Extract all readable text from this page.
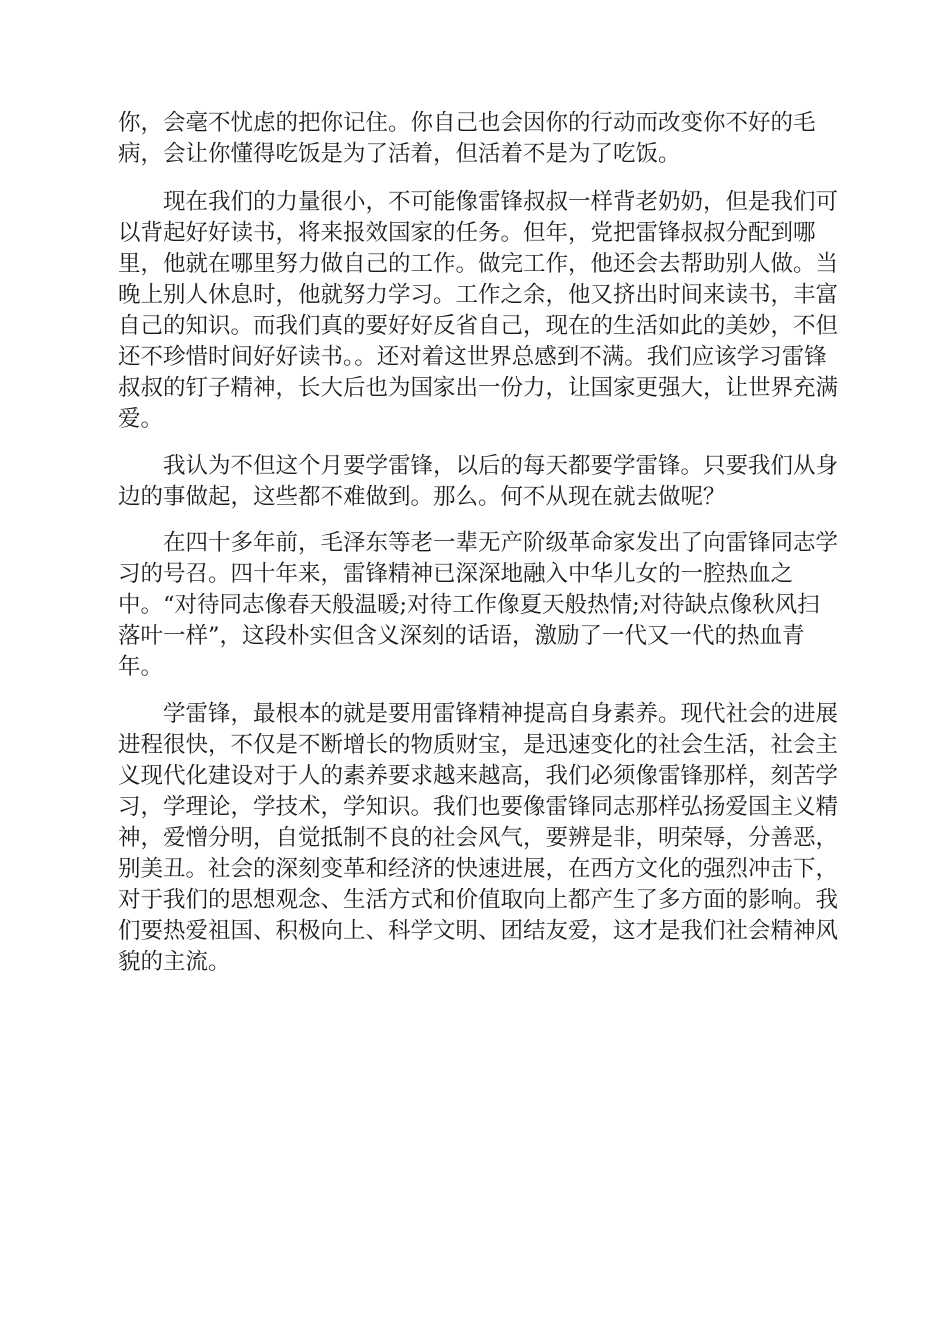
你，会毫不忧虑的把你记住。你自己也会因你的行动而改变你不好的毛
病，会让你懂得吃饭是为了活着，但活着不是为了吃饭。
　　现在我们的力量很小，不可能像雷锋叔叔一样背老奶奶，但是我们可
以背起好好读书，将来报效国家的任务。但年，党把雷锋叔叔分配到哪
里，他就在哪里努力做自己的工作。做完工作，他还会去帮助别人做。当
晚上别人休息时，他就努力学习。工作之余，他又挤出时间来读书，丰富
自己的知识。而我们真的要好好反省自己，现在的生活如此的美妙，不但
还不珍惜时间好好读书。。还对着这世界总感到不满。我们应该学习雷锋
叔叔的钉子精神，长大后也为国家出一份力，让国家更强大，让世界充满
爱。
　　我认为不但这个月要学雷锋，以后的每天都要学雷锋。只要我们从身
边的事做起，这些都不难做到。那么。何不从现在就去做呢？
　　在四十多年前，毛泽东等老一辈无产阶级革命家发出了向雷锋同志学
习的号召。四十年来，雷锋精神已深深地融入中华儿女的一腔热血之
中。“对待同志像春天般温暖;对待工作像夏天般热情;对待缺点像秋风扫
落叶一样”，这段朴实但含义深刻的话语，激励了一代又一代的热血青
年。
　　学雷锋，最根本的就是要用雷锋精神提高自身素养。现代社会的进展
进程很快，不仅是不断增长的物质财宝，是迅速变化的社会生活，社会主
义现代化建设对于人的素养要求越来越高，我们必须像雷锋那样，刻苦学
习，学理论，学技术，学知识。我们也要像雷锋同志那样弘扬爱国主义精
神，爱憎分明，自觉抵制不良的社会风气，要辨是非，明荣辱，分善恶，
别美丑。社会的深刻变革和经济的快速进展，在西方文化的强烈冲击下，
对于我们的思想观念、生活方式和价值取向上都产生了多方面的影响。我
们要热爱祖国、积极向上、科学文明、团结友爱，这才是我们社会精神风
貌的主流。
